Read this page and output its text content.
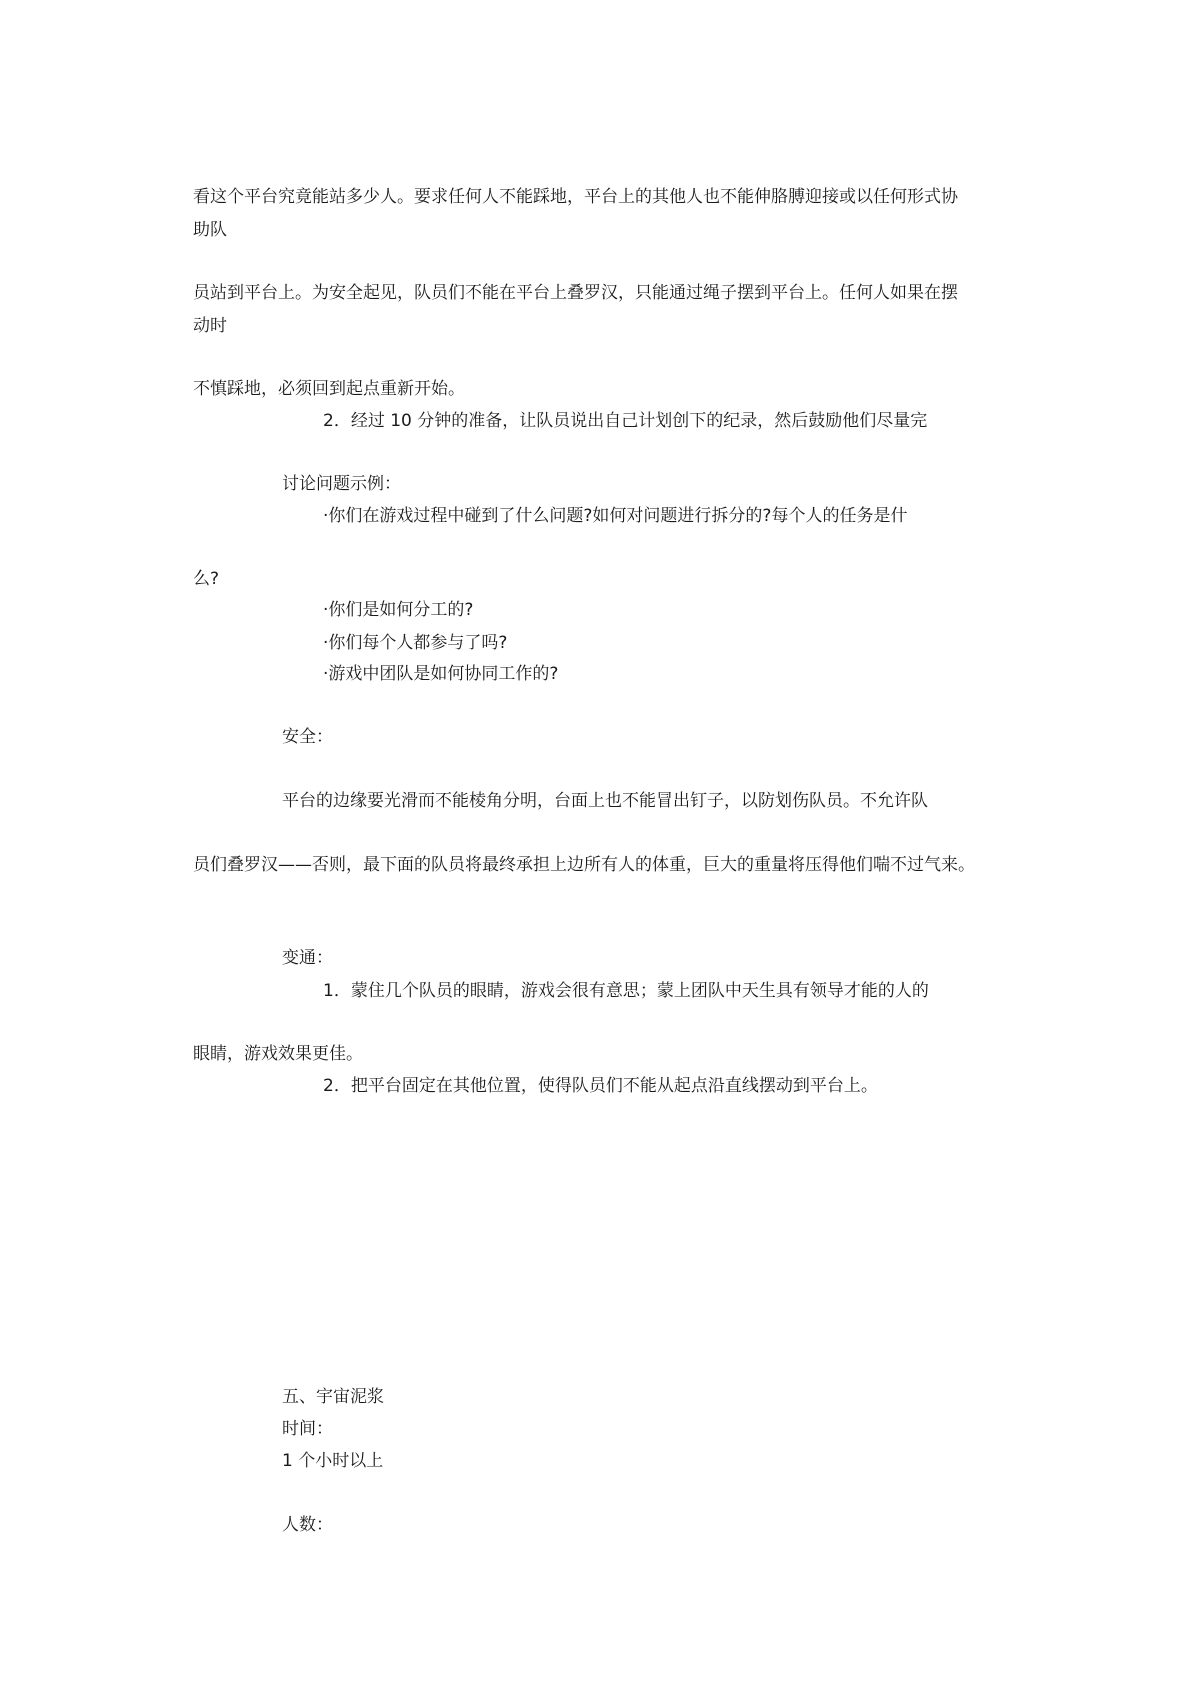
看这个平台究竟能站多少人。要求任何人不能踩地，平台上的其他人也不能伸胳膊迎接或以任何形式协
助队
员站到平台上。为安全起见，队员们不能在平台上叠罗汉，只能通过绳子摆到平台上。任何人如果在摆
动时
不慎踩地，必须回到起点重新开始。
2．经过 10 分钟的准备，让队员说出自己计划创下的纪录，然后鼓励他们尽量完
讨论问题示例：
·你们在游戏过程中碰到了什么问题?如何对问题进行拆分的?每个人的任务是什
么?
·你们是如何分工的?
·你们每个人都参与了吗?
·游戏中团队是如何协同工作的?
安全：
平台的边缘要光滑而不能棱角分明，台面上也不能冒出钉子，以防划伤队员。不允许队
员们叠罗汉——否则，最下面的队员将最终承担上边所有人的体重，巨大的重量将压得他们喘不过气来。
变通：
1．蒙住几个队员的眼睛，游戏会很有意思；蒙上团队中天生具有领导才能的人的
眼睛，游戏效果更佳。
2．把平台固定在其他位置，使得队员们不能从起点沿直线摆动到平台上。
五、宇宙泥浆
时间：
1 个小时以上
人数：
